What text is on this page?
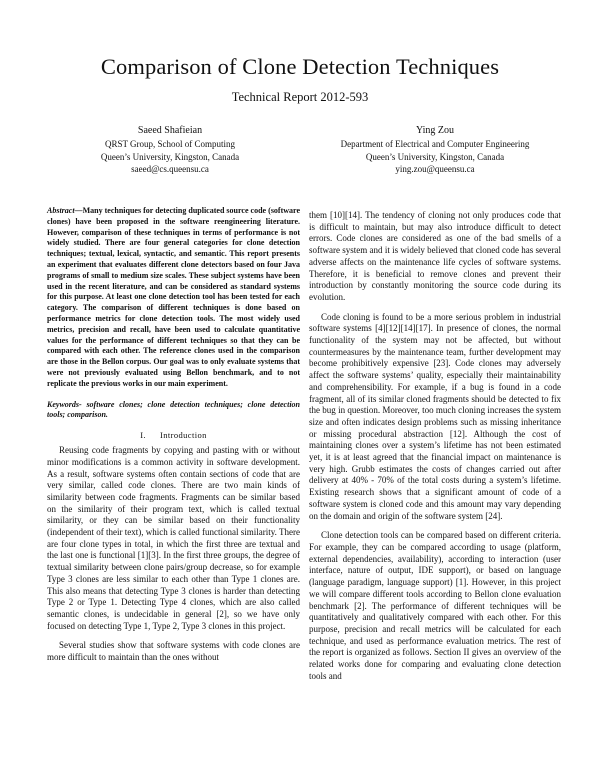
Comparison of Clone Detection Techniques
Technical Report 2012-593
Saeed Shafieian
QRST Group, School of Computing
Queen’s University, Kingston, Canada
saeed@cs.queensu.ca
Ying Zou
Department of Electrical and Computer Engineering
Queen’s University, Kingston, Canada
ying.zou@queensu.ca

Abstract—Many techniques for detecting duplicated source code (software clones) have been proposed in the software reengineering literature. However, comparison of these techniques in terms of performance is not widely studied. There are four general categories for clone detection techniques; textual, lexical, syntactic, and semantic. This report presents an experiment that evaluates different clone detectors based on four Java programs of small to medium size scales. These subject systems have been used in the recent literature, and can be considered as standard systems for this purpose. At least one clone detection tool has been tested for each category. The comparison of different techniques is done based on performance metrics for clone detection tools. The most widely used metrics, precision and recall, have been used to calculate quantitative values for the performance of different techniques so that they can be compared with each other. The reference clones used in the comparison are those in the Bellon corpus. Our goal was to only evaluate systems that were not previously evaluated using Bellon benchmark, and to not replicate the previous works in our main experiment.

Keywords- software clones; clone detection techniques; clone detection tools; comparison.

I. Introduction

Reusing code fragments by copying and pasting with or without minor modifications is a common activity in software development. As a result, software systems often contain sections of code that are very similar, called code clones. There are two main kinds of similarity between code fragments. Fragments can be similar based on the similarity of their program text, which is called textual similarity, or they can be similar based on their functionality (independent of their text), which is called functional similarity. There are four clone types in total, in which the first three are textual and the last one is functional [1][3]. In the first three groups, the degree of textual similarity between clone pairs/group decrease, so for example Type 3 clones are less similar to each other than Type 1 clones are. This also means that detecting Type 3 clones is harder than detecting Type 2 or Type 1. Detecting Type 4 clones, which are also called semantic clones, is undecidable in general [2], so we have only focused on detecting Type 1, Type 2, Type 3 clones in this project.

Several studies show that software systems with code clones are more difficult to maintain than the ones without

them [10][14]. The tendency of cloning not only produces code that is difficult to maintain, but may also introduce difficult to detect errors. Code clones are considered as one of the bad smells of a software system and it is widely believed that cloned code has several adverse affects on the maintenance life cycles of software systems. Therefore, it is beneficial to remove clones and prevent their introduction by constantly monitoring the source code during its evolution.

Code cloning is found to be a more serious problem in industrial software systems [4][12][14][17]. In presence of clones, the normal functionality of the system may not be affected, but without countermeasures by the maintenance team, further development may become prohibitively expensive [23]. Code clones may adversely affect the software systems’ quality, especially their maintainability and comprehensibility. For example, if a bug is found in a code fragment, all of its similar cloned fragments should be detected to fix the bug in question. Moreover, too much cloning increases the system size and often indicates design problems such as missing inheritance or missing procedural abstraction [12]. Although the cost of maintaining clones over a system’s lifetime has not been estimated yet, it is at least agreed that the financial impact on maintenance is very high. Grubb estimates the costs of changes carried out after delivery at 40% - 70% of the total costs during a system’s lifetime. Existing research shows that a significant amount of code of a software system is cloned code and this amount may vary depending on the domain and origin of the software system [24].

Clone detection tools can be compared based on different criteria. For example, they can be compared according to usage (platform, external dependencies, availability), according to interaction (user interface, nature of output, IDE support), or based on language (language paradigm, language support) [1]. However, in this project we will compare different tools according to Bellon clone evaluation benchmark [2]. The performance of different techniques will be quantitatively and qualitatively compared with each other. For this purpose, precision and recall metrics will be calculated for each technique, and used as performance evaluation metrics. The rest of the report is organized as follows. Section II gives an overview of the related works done for comparing and evaluating clone detection tools and
